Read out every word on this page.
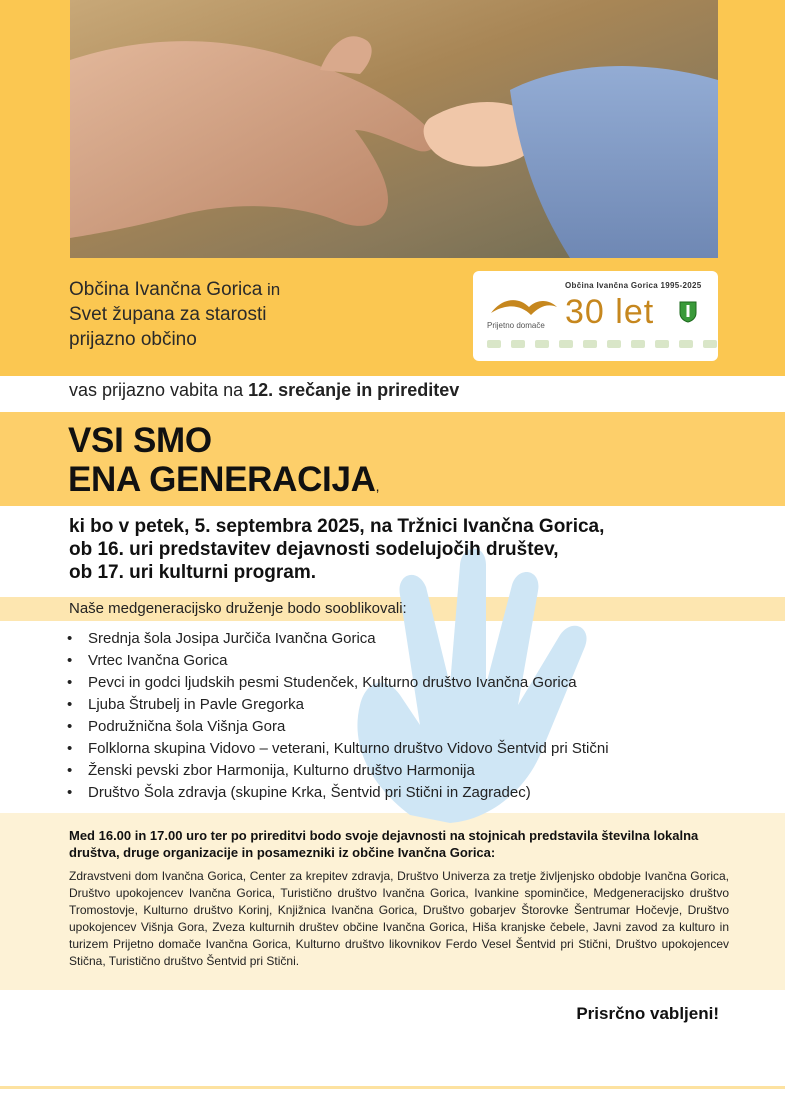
Občina Ivančna Gorica in
Svet župana za starosti
prijazno občino
Občina Ivančna Gorica 1995-2025
Prijetno domače 30 let
vas prijazno vabita na 12. srečanje in prireditev
VSI SMO
ENA GENERACIJA,
ki bo v petek, 5. septembra 2025, na Tržnici Ivančna Gorica,
ob 16. uri predstavitev dejavnosti sodelujočih društev,
ob 17. uri kulturni program.
Naše medgeneracijsko druženje bodo sooblikovali:
• Srednja šola Josipa Jurčiča Ivančna Gorica
• Vrtec Ivančna Gorica
• Pevci in godci ljudskih pesmi Studenček, Kulturno društvo Ivančna Gorica
• Ljuba Štrubelj in Pavle Gregorka
• Podružnična šola Višnja Gora
• Folklorna skupina Vidovo – veterani, Kulturno društvo Vidovo Šentvid pri Stični
• Ženski pevski zbor Harmonija, Kulturno društvo Harmonija
• Društvo Šola zdravja (skupine Krka, Šentvid pri Stični in Zagradec)
Med 16.00 in 17.00 uro ter po prireditvi bodo svoje dejavnosti na stojnicah predstavila številna lokalna društva, druge organizacije in posamezniki iz občine Ivančna Gorica:
Zdravstveni dom Ivančna Gorica, Center za krepitev zdravja, Društvo Univerza za tretje življenjsko obdobje Ivančna Gorica, Društvo upokojencev Ivančna Gorica, Turistično društvo Ivančna Gorica, Ivankine spominčice, Medgeneracijsko društvo Tromostovje, Kulturno društvo Korinj, Knjižnica Ivančna Gorica, Društvo gobarjev Štorovke Šentrumar Hočevje, Društvo upokojencev Višnja Gora, Zveza kulturnih društev občine Ivančna Gorica, Hiša kranjske čebele, Javni zavod za kulturo in turizem Prijetno domače Ivančna Gorica, Kulturno društvo likovnikov Ferdo Vesel Šentvid pri Stični, Društvo upokojencev Stična, Turistično društvo Šentvid pri Stični.
Prisrčno vabljeni!
